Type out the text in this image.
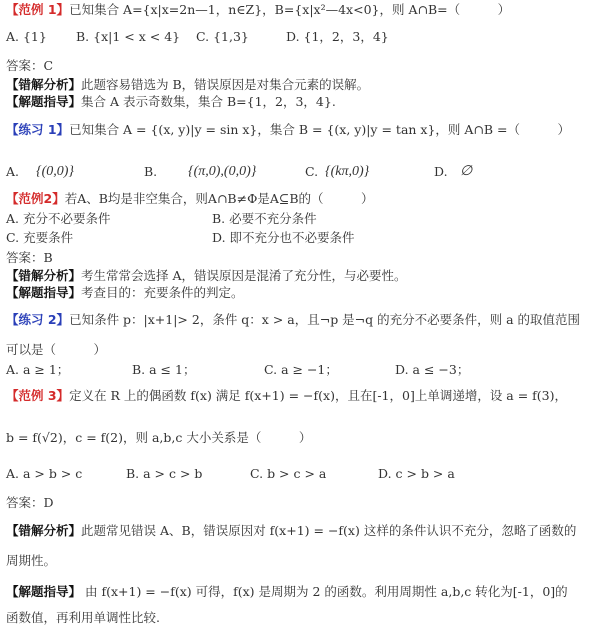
【范例 1】已知集合 A={x|x=2n—1，n∈Z}，B={x|x²—4x<0}，则 A∩B=（　　　）
A. {1} B. {x|1 < x < 4} C. {1,3}	D. {1，2，3，4}
答案：C
【错解分析】此题容易错选为 B，错误原因是对集合元素的误解。
【解题指导】集合 A 表示奇数集，集合 B={1，2，3，4}.
【练习 1】已知集合 A = {(x, y)|y = sin x}，集合 B = {(x, y)|y = tan x}，则 A∩B =（　　　）
A. {(0,0)}	B. {(π,0),(0,0)}	C. {(kπ,0)}	D. ∅
【范例2】若A、B均是非空集合，则A∩B≠Φ是A⊆B的（　　　）
A. 充分不必要条件	B. 必要不充分条件
C. 充要条件	D. 即不充分也不必要条件
答案：B
【错解分析】考生常常会选择 A，错误原因是混淆了充分性，与必要性。
【解题指导】考查目的：充要条件的判定。
【练习 2】已知条件 p：|x+1|> 2，条件 q：x > a，且¬p 是¬q 的充分不必要条件，则 a 的取值范围
可以是（　　　）
A. a ≥ 1；	B. a ≤ 1；	C. a ≥ −1；	D. a ≤ −3；
【范例 3】定义在 R 上的偶函数 f(x) 满足 f(x+1) = −f(x)，且在[-1，0]上单调递增，设 a = f(3)，
b = f(√2)，c = f(2)，则 a,b,c 大小关系是（　　　）
A. a > b > c	B. a > c > b	C. b > c > a	D. c > b > a
答案：D
【错解分析】此题常见错误 A、B，错误原因对 f(x+1) = −f(x) 这样的条件认识不充分，忽略了函数的
周期性。
【解题指导】 由 f(x+1) = −f(x) 可得，f(x) 是周期为 2 的函数。利用周期性 a,b,c 转化为[-1，0]的
函数值，再利用单调性比较.
